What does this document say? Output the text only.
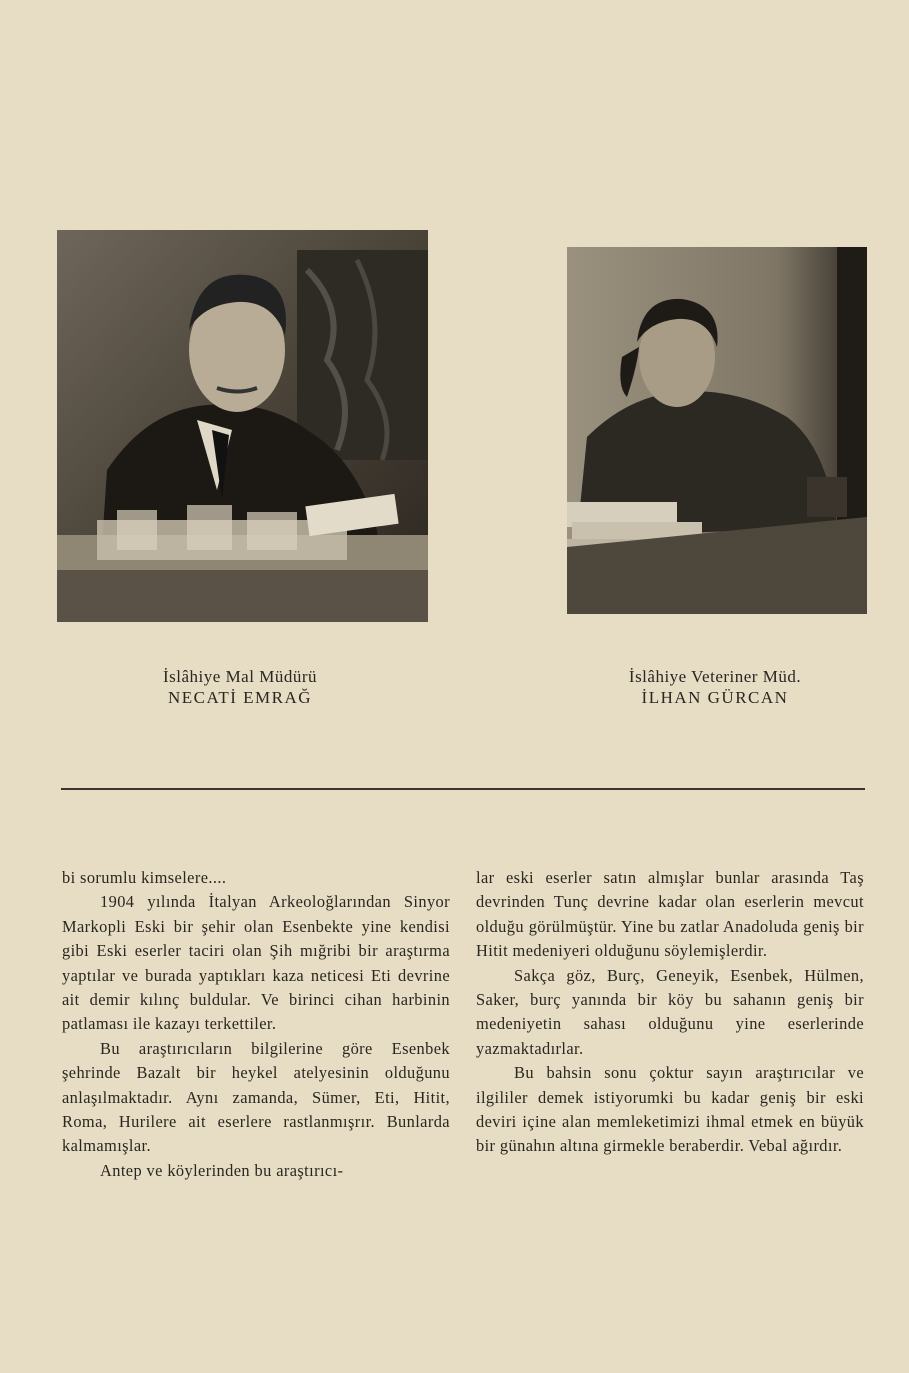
İslâhiye Mal Müdürü
NECATİ EMRAĞ
İslâhiye Veteriner Müd.
İLHAN GÜRCAN

bi sorumlu kimselere....

1904 yılında İtalyan Arkeoloğlarından Sinyor Markopli Eski bir şehir olan Esenbekte yine kendisi gibi Eski eserler taciri olan Şih mığribi bir araştırma yaptılar ve burada yaptıkları kaza neticesi Eti devrine ait demir kılınç buldular. Ve birinci cihan harbinin patlaması ile kazayı terkettiler.

Bu araştırıcıların bilgilerine göre Esenbek şehrinde Bazalt bir heykel atelyesinin olduğunu anlaşılmaktadır. Aynı zamanda, Sümer, Eti, Hitit, Roma, Hurilere ait eserlere rastlanmışrır. Bunlarda kalmamışlar.

Antep ve köylerinden bu araştırıcı-

lar eski eserler satın almışlar bunlar arasında Taş devrinden Tunç devrine kadar olan eserlerin mevcut olduğu görülmüştür. Yine bu zatlar Anadoluda geniş bir Hitit medeniyeri olduğunu söylemişlerdir.

Sakça göz, Burç, Geneyik, Esenbek, Hülmen, Saker, burç yanında bir köy bu sahanın geniş bir medeniyetin sahası olduğunu yine eserlerinde yazmaktadırlar.

Bu bahsin sonu çoktur sayın araştırıcılar ve ilgililer demek istiyorumki bu kadar geniş bir eski deviri içine alan memleketimizi ihmal etmek en büyük bir günahın altına girmekle beraberdir. Vebal ağırdır.
